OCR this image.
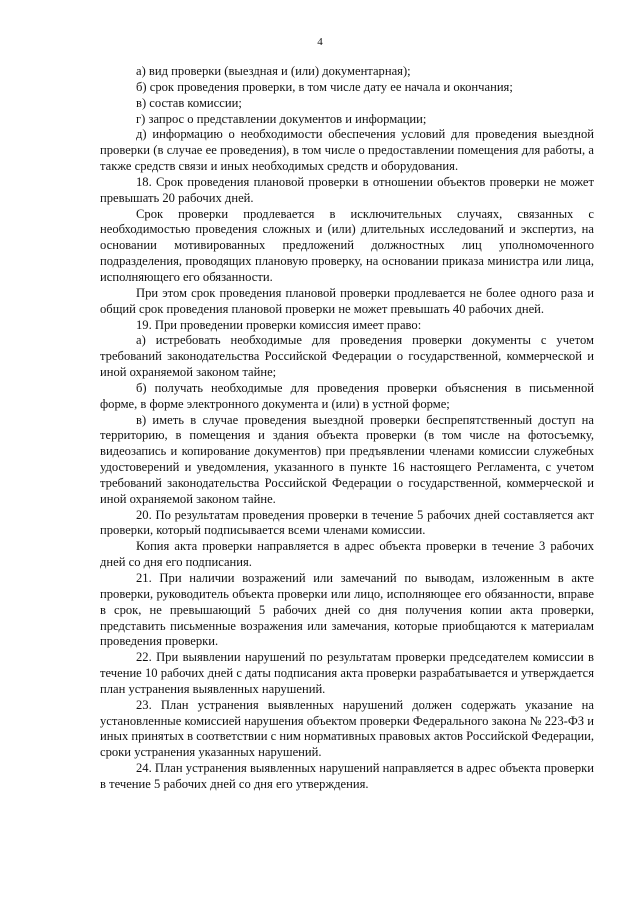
4

а) вид проверки (выездная и (или) документарная);

б) срок проведения проверки, в том числе дату ее начала и окончания;

в) состав комиссии;

г) запрос о представлении документов и информации;

д) информацию о необходимости обеспечения условий для проведения выездной проверки (в случае ее проведения), в том числе о предоставлении помещения для работы, а также средств связи и иных необходимых средств и оборудования.

18. Срок проведения плановой проверки в отношении объектов проверки не может превышать 20 рабочих дней.

Срок проверки продлевается в исключительных случаях, связанных с необходимостью проведения сложных и (или) длительных исследований и экспертиз, на основании мотивированных предложений должностных лиц уполномоченного подразделения, проводящих плановую проверку, на основании приказа министра или лица, исполняющего его обязанности.

При этом срок проведения плановой проверки продлевается не более одного раза и общий срок проведения плановой проверки не может превышать 40 рабочих дней.

19. При проведении проверки комиссия имеет право:

а) истребовать необходимые для проведения проверки документы с учетом требований законодательства Российской Федерации о государственной, коммерческой и иной охраняемой законом тайне;

б) получать необходимые для проведения проверки объяснения в письменной форме, в форме электронного документа и (или) в устной форме;

в) иметь в случае проведения выездной проверки беспрепятственный доступ на территорию, в помещения и здания объекта проверки (в том числе на фотосъемку, видеозапись и копирование документов) при предъявлении членами комиссии служебных удостоверений и уведомления, указанного в пункте 16 настоящего Регламента, с учетом требований законодательства Российской Федерации о государственной, коммерческой и иной охраняемой законом тайне.

20. По результатам проведения проверки в течение 5 рабочих дней составляется акт проверки, который подписывается всеми членами комиссии.

Копия акта проверки направляется в адрес объекта проверки в течение 3 рабочих дней со дня его подписания.

21. При наличии возражений или замечаний по выводам, изложенным в акте проверки, руководитель объекта проверки или лицо, исполняющее его обязанности, вправе в срок, не превышающий 5 рабочих дней со дня получения копии акта проверки, представить письменные возражения или замечания, которые приобщаются к материалам проведения проверки.

22. При выявлении нарушений по результатам проверки председателем комиссии в течение 10 рабочих дней с даты подписания акта проверки разрабатывается и утверждается план устранения выявленных нарушений.

23. План устранения выявленных нарушений должен содержать указание на установленные комиссией нарушения объектом проверки Федерального закона № 223-ФЗ и иных принятых в соответствии с ним нормативных правовых актов Российской Федерации, сроки устранения указанных нарушений.

24. План устранения выявленных нарушений направляется в адрес объекта проверки в течение 5 рабочих дней со дня его утверждения.
